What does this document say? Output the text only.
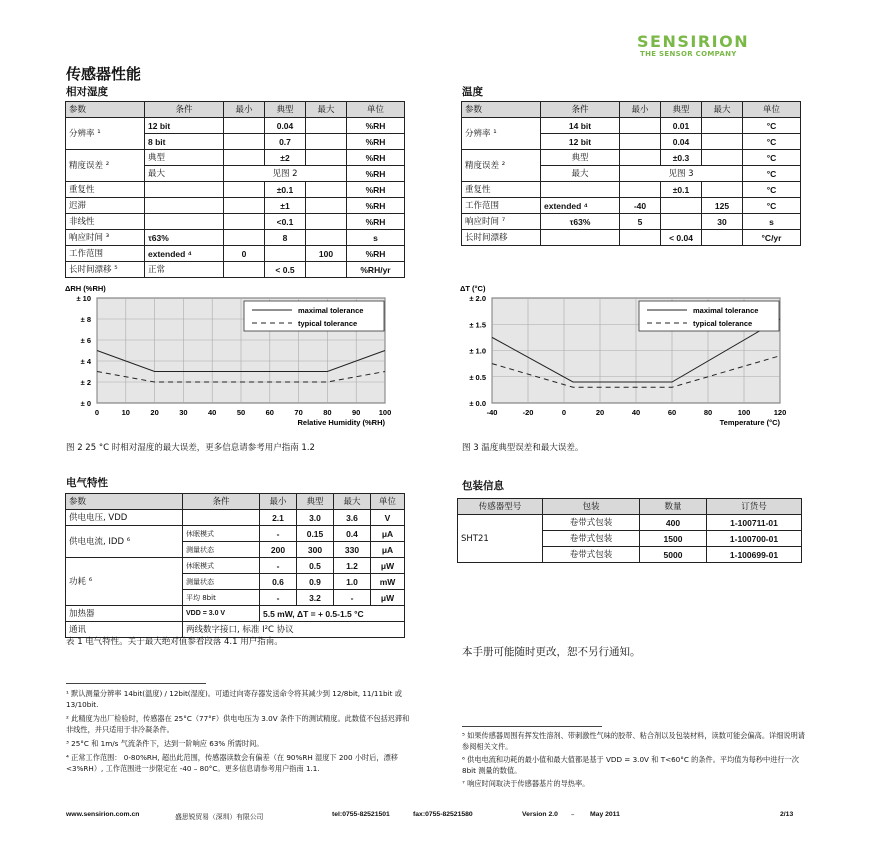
SENSIRION
THE SENSOR COMPANY
传感器性能
相对湿度	温度
参数	条件	最小	典型	最大	单位
分辨率 ¹	12 bit		0.04		%RH
	8 bit		0.7		%RH
精度误差 ²	典型		±2		%RH
	最大	见图 2			%RH
重复性			±0.1		%RH
迟滞			±1		%RH
非线性			<0.1		%RH
响应时间 ³	τ63%		8		s
工作范围	extended ⁴	0		100	%RH
长时间漂移 ⁵	正常		< 0.5		%RH/yr
参数	条件	最小	典型	最大	单位
分辨率 ¹	14 bit		0.01		°C
	12 bit		0.04		°C
精度误差 ²	典型		±0.3		°C
	最大	见图 3			°C
重复性			±0.1		°C
工作范围	extended ⁴	-40		125	°C
响应时间 ⁷	τ63%	5		30	s
长时间漂移			< 0.04		°C/yr
0	10	20	30	40	50	60	70	80	90 100
± 0
± 2
± 4
± 6
± 8
± 10
ΔRH (%RH)
Relative Humidity (%RH)
maximal tolerance
typical tolerance
-40	-20	0	20	40	60	80	100	120
± 0.0
± 0.5
± 1.0
± 1.5
± 2.0
ΔT (°C)
Temperature (°C)
maximal tolerance
typical tolerance
图 2 25 °C 时相对湿度的最大误差，更多信息请参考用户指南 1.2	图 3 温度典型误差和最大误差。
电气特性
参数	条件	最小	典型	最大	单位
供电电压, VDD		2.1	3.0	3.6	V
供电电流, IDD ⁶	休眠模式	-	0.15	0.4	μA
	测量状态	200	300	330	μA
功耗 ⁶	休眠模式	-	0.5	1.2	μW
	测量状态	0.6	0.9	1.0	mW
	平均 8bit	-	3.2	-	μW
加热器	VDD = 3.0 V	5.5 mW, ΔT = + 0.5-1.5 °C			
通讯	两线数字接口, 标准 I²C 协议				
表 1 电气特性。关于最大绝对值参看段落 4.1 用户指南。
包装信息
传感器型号	包装	数量	订货号
SHT21	卷带式包装	400	1-100711-01
	卷带式包装	1500	1-100700-01
	卷带式包装	5000	1-100699-01
本手册可能随时更改，恕不另行通知。
¹ 默认测量分辨率 14bit(温度) / 12bit(湿度)。可通过向寄存器发送命令将其减少到 12/8bit, 11/11bit 或 13/10bit.
² 此精度为出厂检验时，传感器在 25°C（77°F）供电电压为 3.0V 条件下的测试精度。此数值不包括迟滞和非线性，并只适用于非冷凝条件。
³ 25°C 和 1m/s 气流条件下，达到一阶响应 63% 所需时间。
⁴ 正常工作范围： 0-80%RH, 超出此范围，传感器读数会有偏差（在 90%RH 湿度下 200 小时后，漂移 <3%RH）, 工作范围进一步限定在 -40 – 80°C。更多信息请参考用户指南 1.1.
⁵ 如果传感器周围有挥发性溶剂、带刺激性气味的胶带、粘合剂以及包装材料，读数可能会偏高。详细说明请参阅相关文件。
⁶ 供电电流和功耗的最小值和最大值都是基于 VDD = 3.0V 和 T<60°C 的条件。平均值为每秒中进行一次 8bit 测量的数值。
⁷ 响应时间取决于传感器基片的导热率。
www.sensirion.com.cn	盛思锐贸易（深圳）有限公司	tel:0755-82521501	fax:0755-82521580	Version 2.0 – May 2011	2/13
